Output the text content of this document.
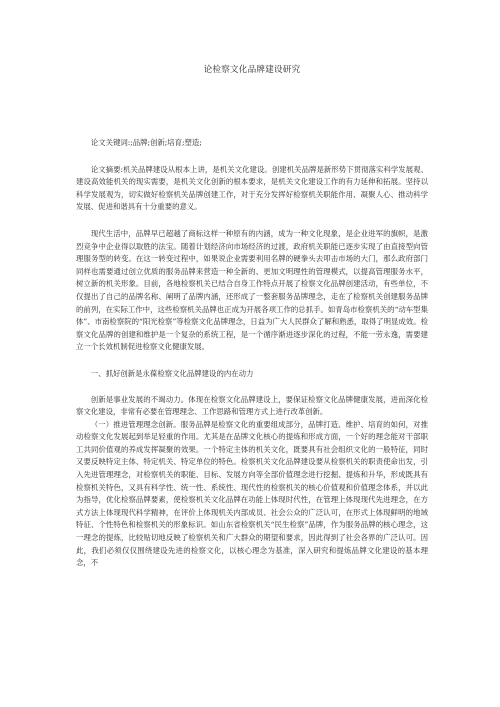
论检察文化品牌建设研究

论文关键词:;品牌;创新;培育;塑造;

论文摘要:机关品牌建设从根本上讲，是机关文化建设。创建机关品牌是新形势下贯彻落实科学发展观、建设高效能机关的现实需要，是机关文化创新的根本要求，是机关文化建设工作的有力延伸和拓展。坚持以科学发展观为，切实做好检察机关品牌创建工作，对于充分发挥好检察机关职能作用、凝聚人心、推动科学发展、促进和谐具有十分重要的意义。

现代生活中，品牌早已超越了商标这样一种原有的内涵，成为一种文化现象，是企业进军的旗帜，是激烈竞争中企业得以取胜的法宝。随着计划经济向市场经济的过渡，政府机关职能已逐步实现了由直接型向管理服务型的转变。在这一转变过程中，如果说企业需要利用名牌的硬拳头去叩击市场的大门，那么政府部门同样也需要通过创立优质的服务品牌来营造一种全新的、更加文明理性的管理模式，以提高管理服务水平，树立新的机关形象。目前，各地检察机关已结合自身工作特点开展了检察文化品牌创建活动，有些单位，不仅提出了自己的品牌名称、阐明了品牌内涵，还形成了一整套服务品牌理念，走在了检察机关创建服务品牌的前列，在实际工作中，这些检察机关品牌也正成为开展各项工作的总抓手。如青岛市检察机关的“动车型集体”、市南检察院的“阳光检察”等检察文化品牌理念，日益为广大人民群众了解和熟悉，取得了明显成效。检察文化品牌的创建和维护是一个复杂的系统工程，是一个循序渐进逐步深化的过程，不能一劳永逸，需要建立一个长效机制促进检察文化健康发展。

一、抓好创新是永葆检察文化品牌建设的内在动力

创新是事业发展的不竭动力。体现在检察文化品牌建设上，要保证检察文化品牌健康发展，进而深化检察文化建设，非常有必要在管理理念、工作思路和管理方式上进行改革创新。

（一）推进管理理念创新。服务品牌是检察文化的重要组成部分，品牌打造、维护、培育的如何，对推动检察文化发展起到举足轻重的作用。尤其是在品牌文化核心的提炼和形成方面，一个好的理念能对干部职工共同价值观的养成发挥凝聚的效果。一个特定主体的机关文化，既要具有社会组织文化的一般特征，同时又要反映特定主体、特定机关、特定单位的特色。检察机关文化品牌建设要从检察机关的职责使命出发，引入先进管理理念，对检察机关的职能、目标、发展方向等全部价值理念进行挖掘、提炼和升华，形成既具有检察机关特色，又具有科学性、统一性、系统性、现代性的检察机关的核心价值观和价值理念体系，并以此为指导，优化检察品牌要素，使检察机关文化品牌在功能上体现时代性，在管理上体现现代先进理念，在方式方法上体现现代科学精神，在评价上体现机关内部成员、社会公众的广泛认可，在形式上体现鲜明的地域特征、个性特色和检察机关的形象标识。如山东省检察机关“民生检察”品牌，作为服务品牌的核心理念，这一理念的提炼，比较贴切地反映了检察机关和广大群众的期望和要求，因此得到了社会各界的广泛认可。因此，我们必须仅仅围绕建设先进的检察文化，以核心理念为基准，深入研究和提炼品牌文化建设的基本理念，不
